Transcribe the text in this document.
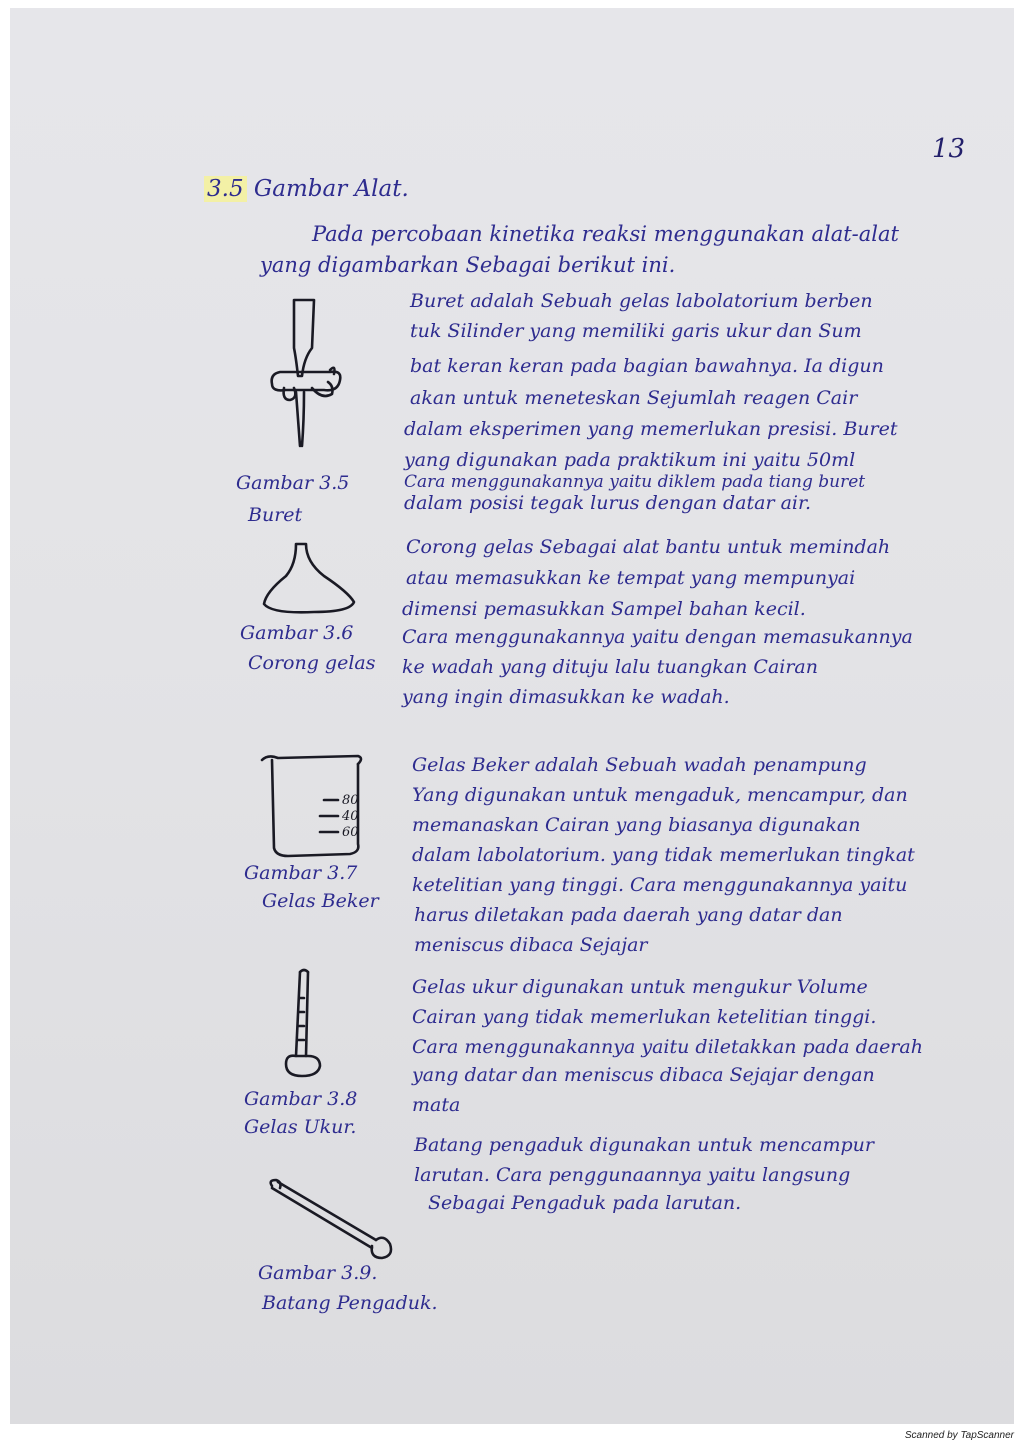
13
3.5 Gambar Alat.
Pada percobaan kinetika reaksi menggunakan alat-alat
yang digambarkan Sebagai berikut ini.
Gambar 3.5
Buret
Buret adalah Sebuah gelas labolatorium berben
tuk Silinder yang memiliki garis ukur dan Sum
bat keran keran pada bagian bawahnya. Ia digun
akan untuk meneteskan Sejumlah reagen Cair
dalam eksperimen yang memerlukan presisi. Buret
yang digunakan pada praktikum ini yaitu 50ml
Cara menggunakannya yaitu diklem pada tiang buret
dalam posisi tegak lurus dengan datar air.
Gambar 3.6
Corong gelas
Corong gelas Sebagai alat bantu untuk memindah
atau memasukkan ke tempat yang mempunyai
dimensi pemasukkan Sampel bahan kecil.
Cara menggunakannya yaitu dengan memasukannya
ke wadah yang dituju lalu tuangkan Cairan
yang ingin dimasukkan ke wadah.
80
40
60
Gambar 3.7
Gelas Beker
Gelas Beker adalah Sebuah wadah penampung
Yang digunakan untuk mengaduk, mencampur, dan
memanaskan Cairan yang biasanya digunakan
dalam labolatorium. yang tidak memerlukan tingkat
ketelitian yang tinggi. Cara menggunakannya yaitu
harus diletakan pada daerah yang datar dan
meniscus dibaca Sejajar
Gambar 3.8
Gelas Ukur.
Gelas ukur digunakan untuk mengukur Volume
Cairan yang tidak memerlukan ketelitian tinggi.
Cara menggunakannya yaitu diletakkan pada daerah
yang datar dan meniscus dibaca Sejajar dengan
mata
Gambar 3.9.
Batang Pengaduk.
Batang pengaduk digunakan untuk mencampur
larutan. Cara penggunaannya yaitu langsung
Sebagai Pengaduk pada larutan.
Scanned by TapScanner
